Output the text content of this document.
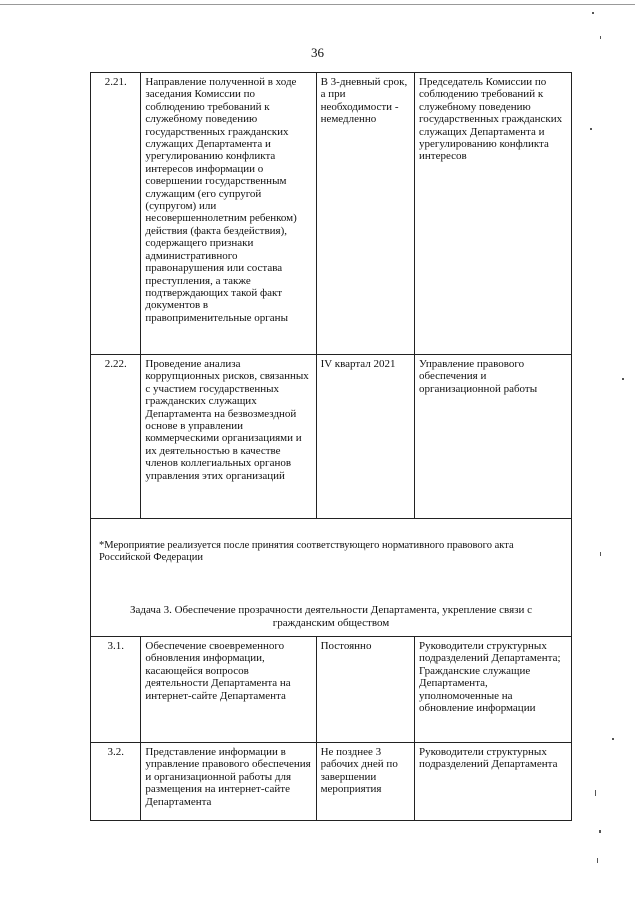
36
2.21.	Направление полученной в ходе заседания Комиссии по соблюдению требований к служебному поведению государственных гражданских служащих Департамента и урегулированию конфликта интересов информации о совершении государственным служащим (его супругой (супругом) или несовершеннолетним ребенком) действия (факта бездействия), содержащего признаки административного правонарушения или состава преступления, а также подтверждающих такой факт документов в правоприменительные органы	В 3-дневный срок, а при необходимости - немедленно	Председатель Комиссии по соблюдению требований к служебному поведению государственных гражданских служащих Департамента и урегулированию конфликта интересов
2.22.	Проведение анализа коррупционных рисков, связанных с участием государственных гражданских служащих Департамента на безвозмездной основе в управлении коммерческими организациями и их деятельностью в качестве членов коллегиальных органов управления этих организаций	IV квартал 2021	Управление правового обеспечения и организационной работы

*Мероприятие реализуется после принятия соответствующего нормативного правового акта Российской Федерации
Задача 3. Обеспечение прозрачности деятельности Департамента, укрепление связи с гражданским обществом			

3.1.	Обеспечение своевременного обновления информации, касающейся вопросов деятельности Департамента на интернет-сайте Департамента	Постоянно	Руководители структурных подразделений Департамента; Гражданские служащие Департамента, уполномоченные на обновление информации
3.2.	Представление информации в управление правового обеспечения и организационной работы для размещения на интернет-сайте Департамента	Не позднее 3 рабочих дней по завершении мероприятия	Руководители структурных подразделений Департамента
